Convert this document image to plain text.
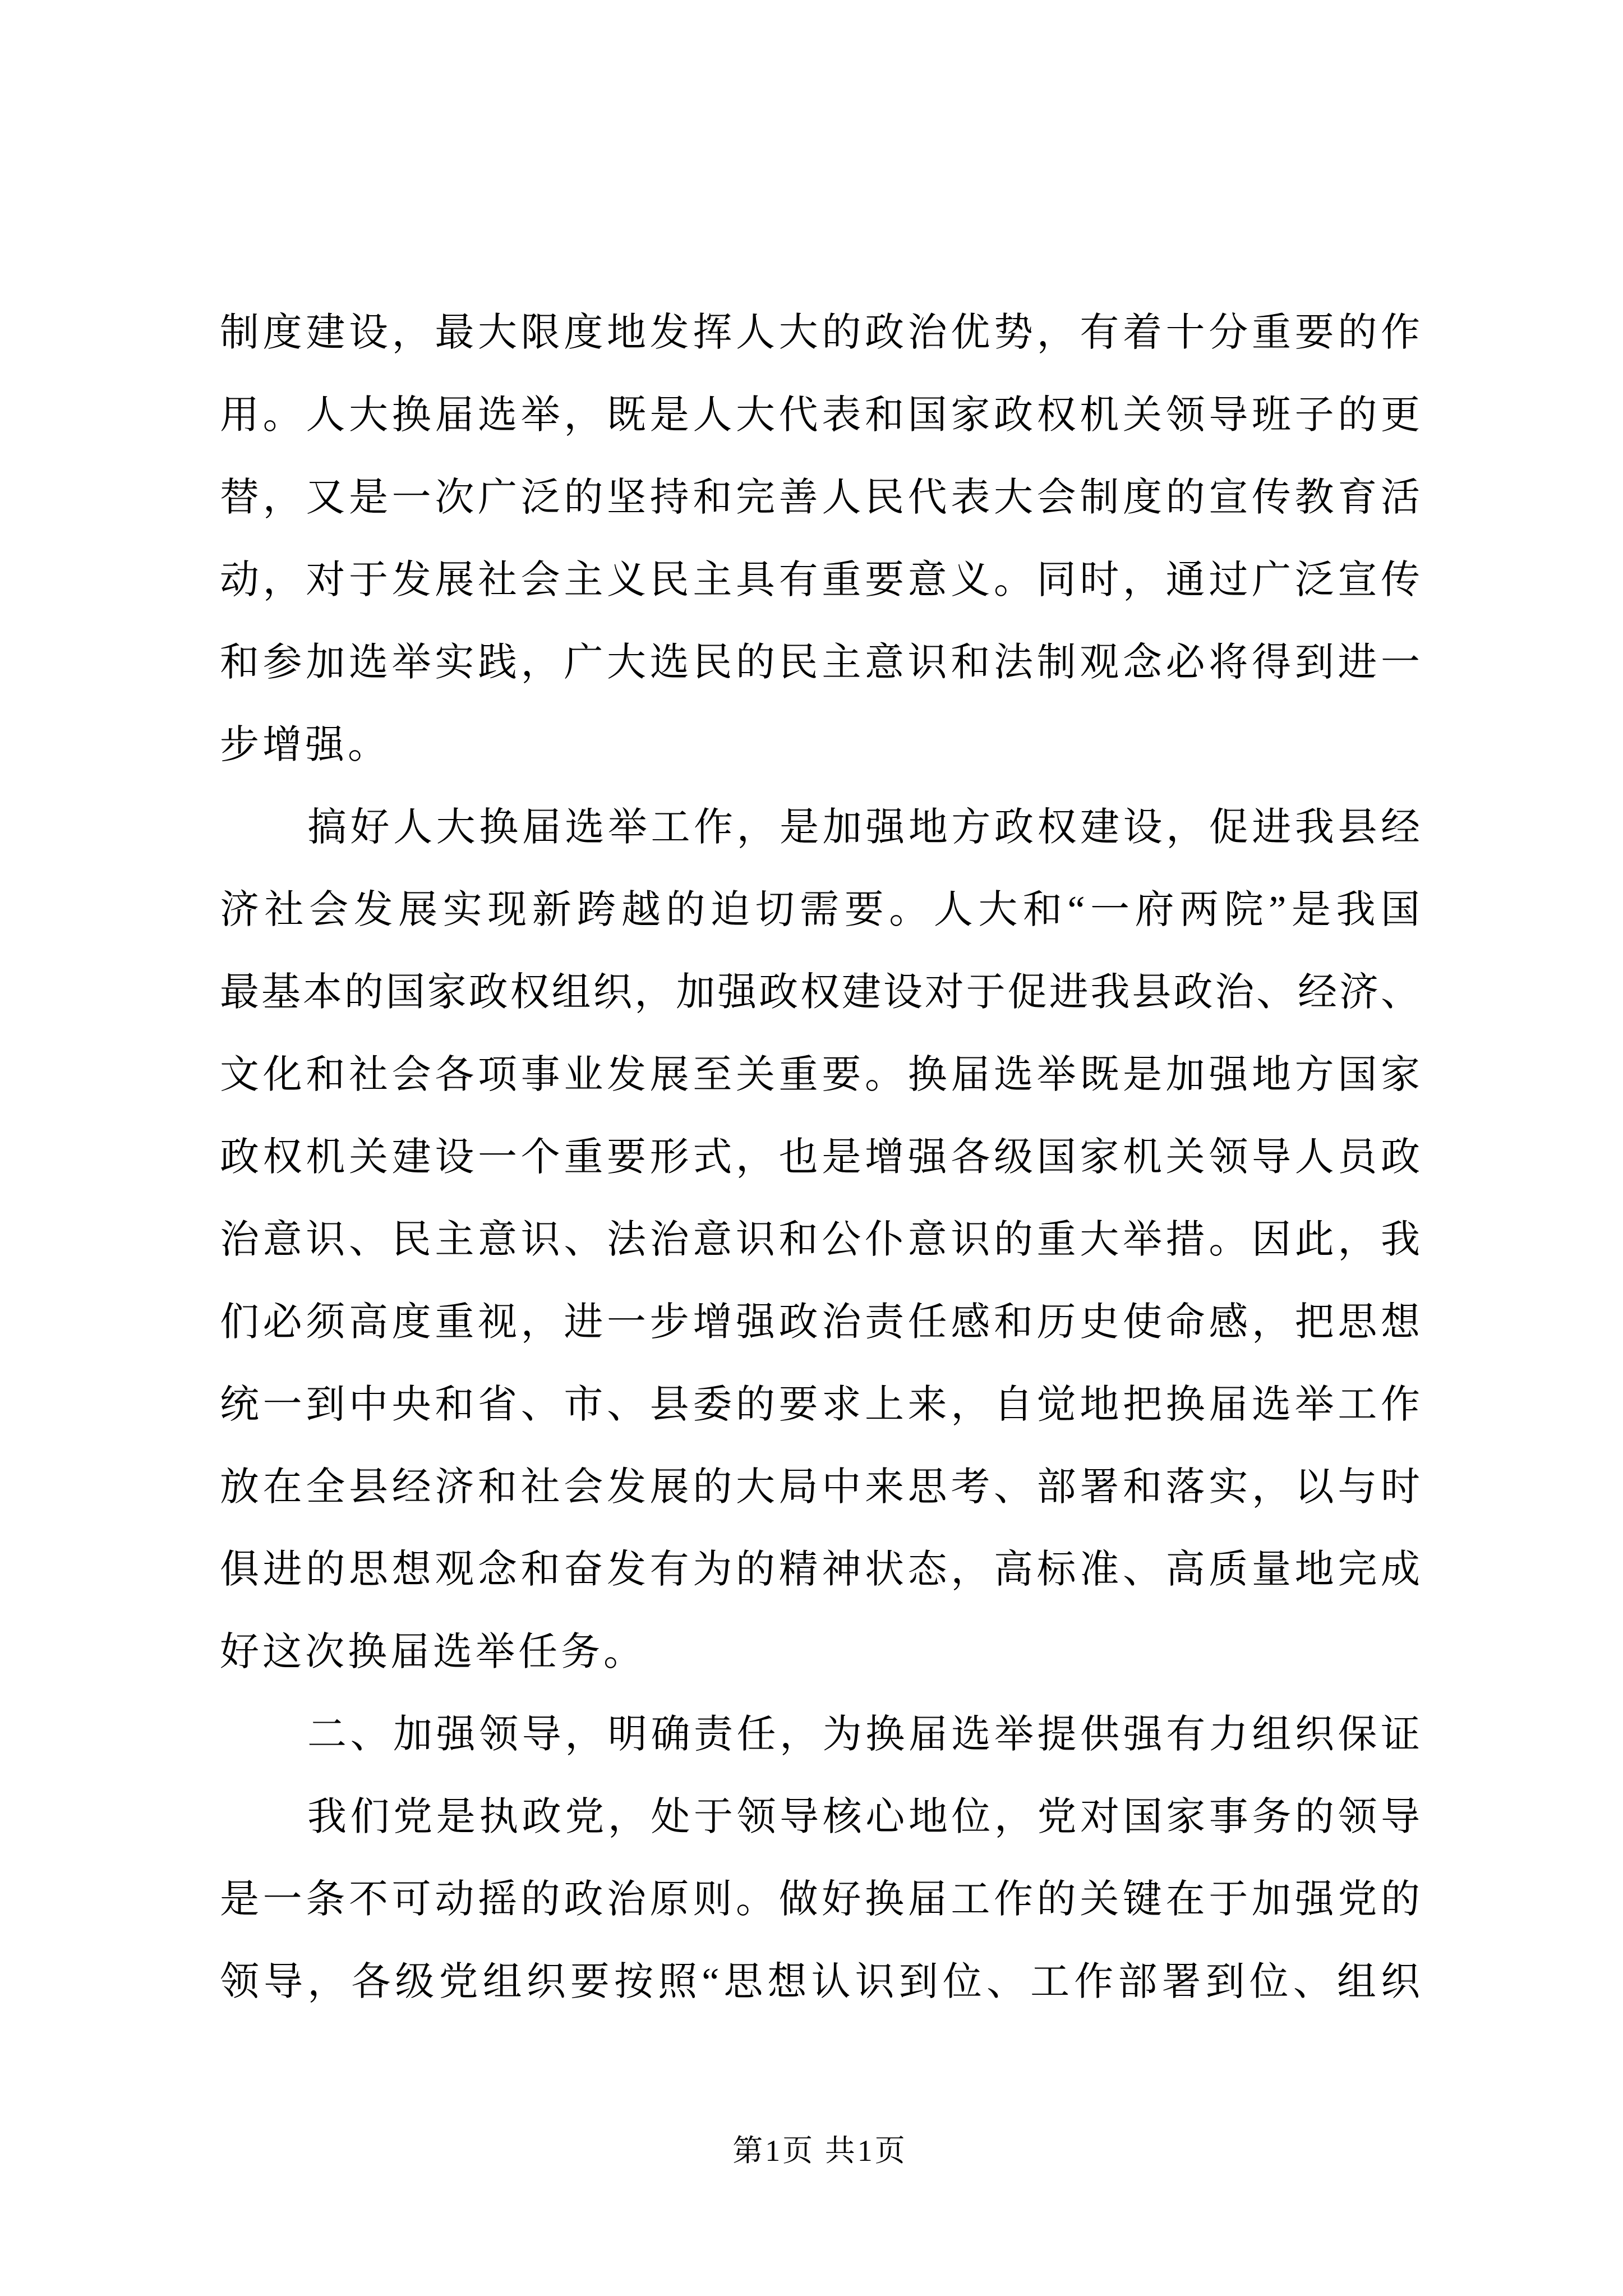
制度建设，最大限度地发挥人大的政治优势，有着十分重要的作
用。人大换届选举，既是人大代表和国家政权机关领导班子的更
替，又是一次广泛的坚持和完善人民代表大会制度的宣传教育活
动，对于发展社会主义民主具有重要意义。同时，通过广泛宣传
和参加选举实践，广大选民的民主意识和法制观念必将得到进一
步增强。
搞好人大换届选举工作，是加强地方政权建设，促进我县经
济社会发展实现新跨越的迫切需要。人大和“一府两院”是我国
最基本的国家政权组织，加强政权建设对于促进我县政治、经济、
文化和社会各项事业发展至关重要。换届选举既是加强地方国家
政权机关建设一个重要形式，也是增强各级国家机关领导人员政
治意识、民主意识、法治意识和公仆意识的重大举措。因此，我
们必须高度重视，进一步增强政治责任感和历史使命感，把思想
统一到中央和省、市、县委的要求上来，自觉地把换届选举工作
放在全县经济和社会发展的大局中来思考、部署和落实，以与时
俱进的思想观念和奋发有为的精神状态，高标准、高质量地完成
好这次换届选举任务。
二、加强领导，明确责任，为换届选举提供强有力组织保证
我们党是执政党，处于领导核心地位，党对国家事务的领导
是一条不可动摇的政治原则。做好换届工作的关键在于加强党的
领导，各级党组织要按照“思想认识到位、工作部署到位、组织
第1页 共1页
